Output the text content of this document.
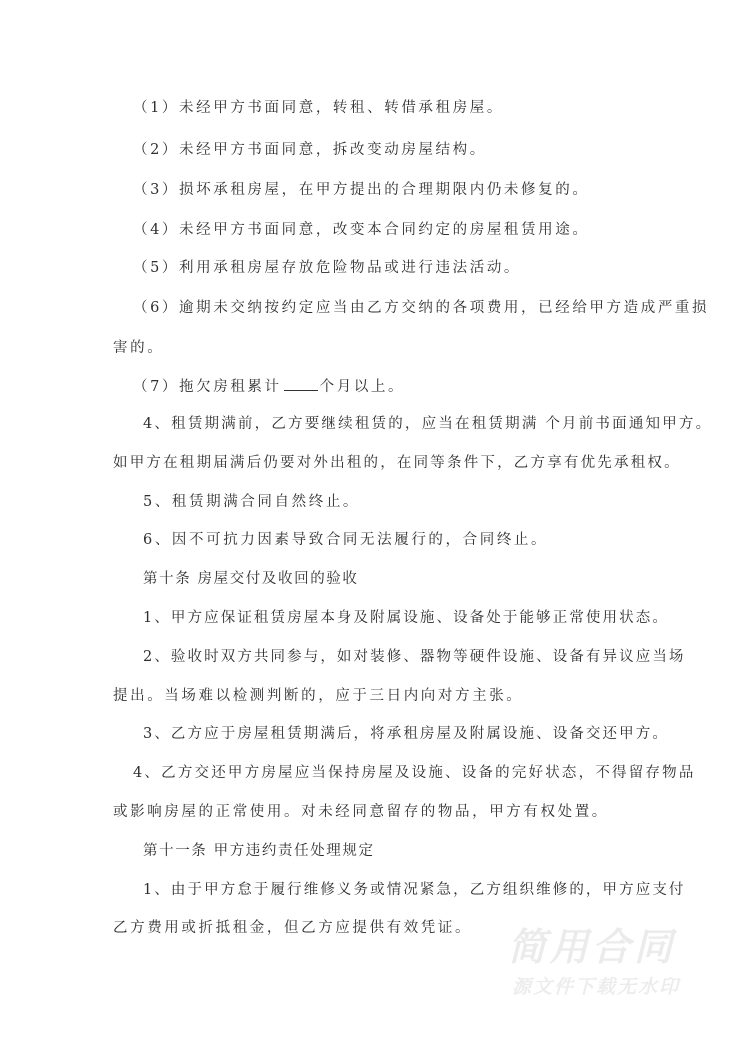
（1）未经甲方书面同意，转租、转借承租房屋。
（2）未经甲方书面同意，拆改变动房屋结构。
（3）损坏承租房屋，在甲方提出的合理期限内仍未修复的。
（4）未经甲方书面同意，改变本合同约定的房屋租赁用途。
（5）利用承租房屋存放危险物品或进行违法活动。
（6）逾期未交纳按约定应当由乙方交纳的各项费用，已经给甲方造成严重损
害的。
（7）拖欠房租累计	个月以上。
4、租赁期满前，乙方要继续租赁的，应当在租赁期满 个月前书面通知甲方。
如甲方在租期届满后仍要对外出租的，在同等条件下，乙方享有优先承租权。
5、租赁期满合同自然终止。
6、因不可抗力因素导致合同无法履行的，合同终止。
第十条 房屋交付及收回的验收
1、甲方应保证租赁房屋本身及附属设施、设备处于能够正常使用状态。
2、验收时双方共同参与，如对装修、器物等硬件设施、设备有异议应当场
提出。当场难以检测判断的，应于三日内向对方主张。
3、乙方应于房屋租赁期满后，将承租房屋及附属设施、设备交还甲方。
4、乙方交还甲方房屋应当保持房屋及设施、设备的完好状态，不得留存物品
或影响房屋的正常使用。对未经同意留存的物品，甲方有权处置。
第十一条 甲方违约责任处理规定
1、由于甲方怠于履行维修义务或情况紧急，乙方组织维修的，甲方应支付
乙方费用或折抵租金，但乙方应提供有效凭证。 简用合同
源文件下载无水印
